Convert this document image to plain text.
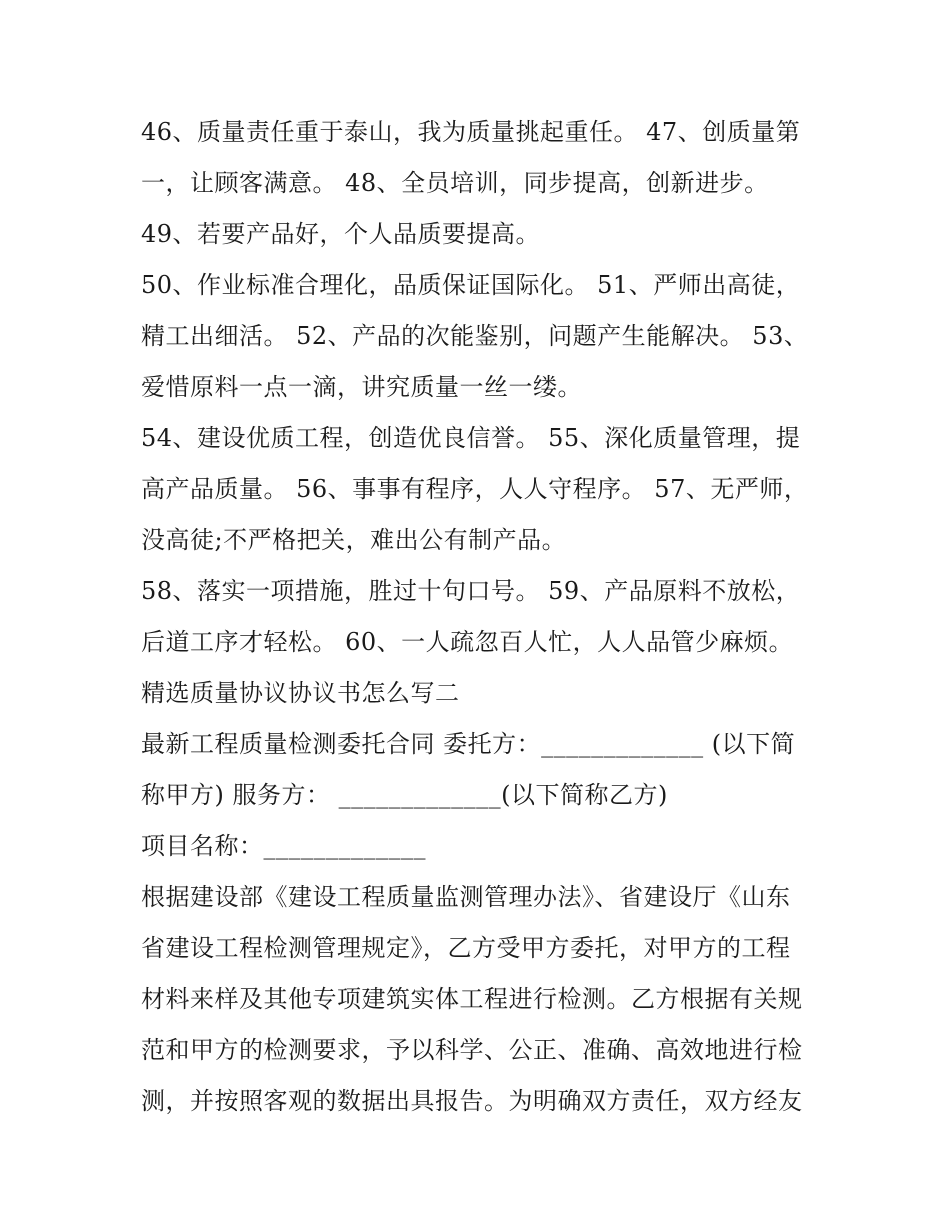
46、质量责任重于泰山，我为质量挑起重任。 47、创质量第
一，让顾客满意。 48、全员培训，同步提高，创新进步。
49、若要产品好，个人品质要提高。
50、作业标准合理化，品质保证国际化。 51、严师出高徒，
精工出细活。 52、产品的次能鉴别，问题产生能解决。 53、
爱惜原料一点一滴，讲究质量一丝一缕。
54、建设优质工程，创造优良信誉。 55、深化质量管理，提
高产品质量。 56、事事有程序，人人守程序。 57、无严师，
没高徒;不严格把关，难出公有制产品。
58、落实一项措施，胜过十句口号。 59、产品原料不放松，
后道工序才轻松。 60、一人疏忽百人忙，人人品管少麻烦。
精选质量协议协议书怎么写二
最新工程质量检测委托合同 委托方：_____________ (以下简
称甲方) 服务方： _____________(以下简称乙方)
项目名称：_____________
根据建设部《建设工程质量监测管理办法》、省建设厅《山东
省建设工程检测管理规定》，乙方受甲方委托，对甲方的工程
材料来样及其他专项建筑实体工程进行检测。乙方根据有关规
范和甲方的检测要求，予以科学、公正、准确、高效地进行检
测，并按照客观的数据出具报告。为明确双方责任，双方经友
